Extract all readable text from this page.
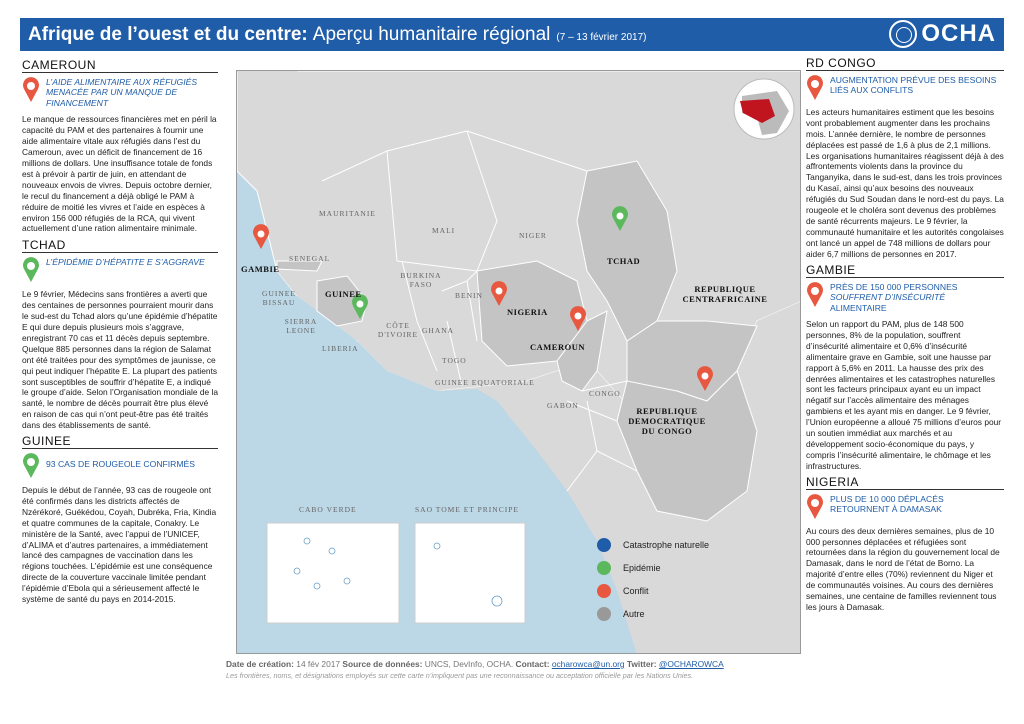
Afrique de l’ouest et du centre: Aperçu humanitaire régional (7 – 13 février 2017)	OCHA
CAMEROUN
L’AIDE ALIMENTAIRE AUX RÉFUGIÉS MENACÉE PAR UN MANQUE DE FINANCEMENT
Le manque de ressources financières met en péril la capacité du PAM et des partenaires à fournir une aide alimentaire vitale aux réfugiés dans l’est du Cameroun, avec un déficit de financement de 16 millions de dollars. Une insuffisance totale de fonds est à prévoir à partir de juin, en attendant de nouveaux envois de vivres. Depuis octobre dernier, le recul du financement a déjà obligé le PAM à réduire de moitié les vivres et l’aide en espèces à environ 156 000 réfugiés de la RCA, qui vivent actuellement d’une ration alimentaire minimale.
TCHAD
L’ÉPIDÉMIE D’HÉPATITE E S’AGGRAVE
Le 9 février, Médecins sans frontières a averti que des centaines de personnes pourraient mourir dans le sud-est du Tchad alors qu’une épidémie d’hépatite E qui dure depuis plusieurs mois s’aggrave, enregistrant 70 cas et 11 décès depuis septembre. Quelque 885 personnes dans la région de Salamat ont été traitées pour des symptômes de jaunisse, ce qui peut indiquer l’hépatite E. La plupart des patients sont susceptibles de souffrir d’hépatite E, a indiqué le groupe d’aide. Selon l’Organisation mondiale de la santé, le nombre de décès pourrait être plus élevé en raison de cas qui n’ont peut-être pas été traités dans des établissements de santé.
GUINEE
93 CAS DE ROUGEOLE CONFIRMÉS
Depuis le début de l’année, 93 cas de rougeole ont été confirmés dans les districts affectés de Nzérékoré, Guékédou, Coyah, Dubréka, Fria, Kindia et quatre communes de la capitale, Conakry. Le ministère de la Santé, avec l’appui de l’UNICEF, d’ALIMA et d’autres partenaires, a immédiatement lancé des campagnes de vaccination dans les régions touchées. L’épidémie est une conséquence directe de la couverture vaccinale limitée pendant l’épidémie d’Ebola qui a sérieusement affecté le système de santé du pays en 2014-2015.
MAURITANIE
MALI
NIGER
TCHAD
SENEGAL
GAMBIE
GUINEE BISSAU
GUINEE
SIERRA LEONE
LIBERIA
CÔTE D'IVOIRE
BURKINA FASO
GHANA
TOGO
BENIN
NIGERIA
CAMEROUN
REPUBLIQUE CENTRAFRICAINE
GUINEE EQUATORIALE
GABON
CONGO
REPUBLIQUE DEMOCRATIQUE DU CONGO
CABO VERDE	SAO TOME ET PRINCIPE
Catastrophe naturelle
Epidémie
Conflit
Autre
Date de création: 14 fév 2017 Source de données: UNCS, DevInfo, OCHA. Contact: ocharowca@un.org Twitter: @OCHAROWCA
Les frontières, noms, et désignations employés sur cette carte n’impliquent pas une reconnaissance ou acceptation officielle par les Nations Unies.
RD CONGO
AUGMENTATION PRÉVUE DES BESOINS LIÉS AUX CONFLITS
Les acteurs humanitaires estiment que les besoins vont probablement augmenter dans les prochains mois. L’année dernière, le nombre de personnes déplacées est passé de 1,6 à plus de 2,1 millions. Les organisations humanitaires réagissent déjà à des affrontements violents dans la province du Tanganyika, dans le sud-est, dans les trois provinces du Kasaï, ainsi qu’aux besoins des nouveaux réfugiés du Sud Soudan dans le nord-est du pays. La rougeole et le choléra sont devenus des problèmes de santé récurrents majeurs. Le 9 février, la communauté humanitaire et les autorités congolaises ont lancé un appel de 748 millions de dollars pour aider 6,7 millions de personnes en 2017.
GAMBIE
PRÈS DE 150 000 PERSONNES
SOUFFRENT D’INSÉCURITÉ
ALIMENTAIRE
Selon un rapport du PAM, plus de 148 500 personnes, 8% de la population, souffrent d’insécurité alimentaire et 0,6% d’insécurité alimentaire grave en Gambie, soit une hausse par rapport à 5,6% en 2011. La hausse des prix des denrées alimentaires et les catastrophes naturelles sont les facteurs principaux ayant eu un impact négatif sur l’accès alimentaire des ménages gambiens et les ayant mis en danger. Le 9 février, l’Union européenne a alloué 75 millions d’euros pour un soutien immédiat aux marchés et au développement socio-économique du pays, y compris l’insécurité alimentaire, le chômage et les infrastructures.
NIGERIA
PLUS DE 10 000 DÉPLACÉS RETOURNENT À DAMASAK
Au cours des deux dernières semaines, plus de 10 000 personnes déplacées et réfugiées sont retournées dans la région du gouvernement local de Damasak, dans le nord de l’état de Borno. La majorité d’entre elles (70%) reviennent du Niger et de communautés voisines. Au cours des dernières semaines, une centaine de familles reviennent tous les jours à Damasak.
